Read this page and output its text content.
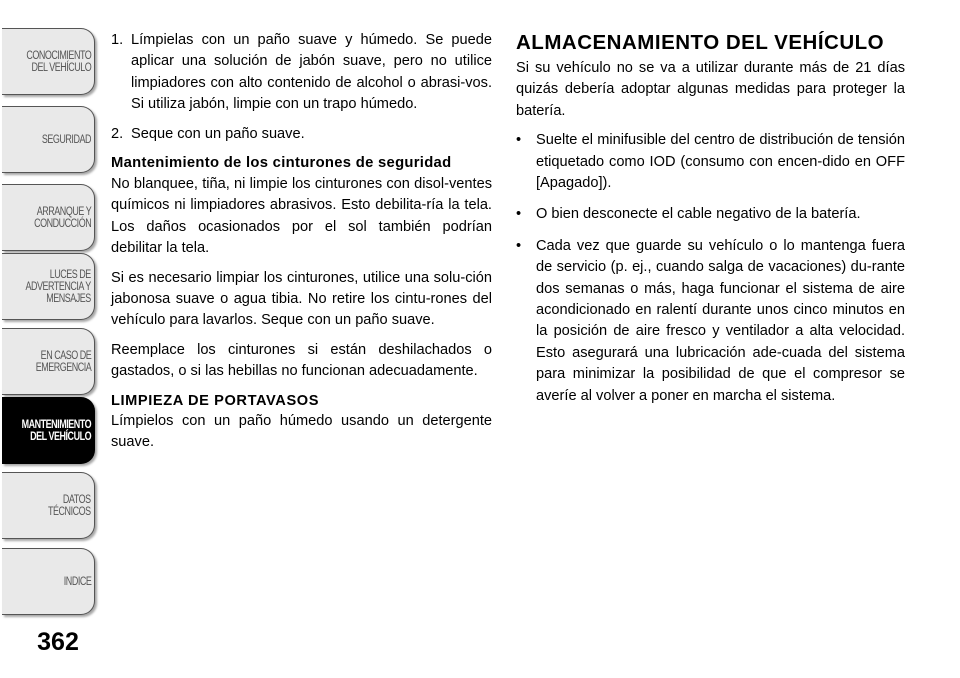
CONOCIMIENTO
DEL VEHÍCULO
SEGURIDAD
ARRANQUE Y
CONDUCCIÓN
LUCES DE
ADVERTENCIA Y
MENSAJES
EN CASO DE
EMERGENCIA
MANTENIMIENTO
DEL VEHÍCULO
DATOS
TÉCNICOS
INDICE
362
1. Límpielas con un paño suave y húmedo. Se puede aplicar una solución de jabón suave, pero no utilice limpiadores con alto contenido de alcohol o abrasi-vos. Si utiliza jabón, limpie con un trapo húmedo.
2. Seque con un paño suave.
Mantenimiento de los cinturones de seguridad

No blanquee, tiña, ni limpie los cinturones con disol-ventes químicos ni limpiadores abrasivos. Esto debilita-ría la tela. Los daños ocasionados por el sol también podrían debilitar la tela.

Si es necesario limpiar los cinturones, utilice una solu-ción jabonosa suave o agua tibia. No retire los cintu-rones del vehículo para lavarlos. Seque con un paño suave.

Reemplace los cinturones si están deshilachados o gastados, o si las hebillas no funcionan adecuadamente.

LIMPIEZA DE PORTAVASOS

Límpielos con un paño húmedo usando un detergente suave.

ALMACENAMIENTO DEL VEHÍCULO

Si su vehículo no se va a utilizar durante más de 21 días quizás debería adoptar algunas medidas para proteger la batería.

•	Suelte el minifusible del centro de distribución de tensión etiquetado como IOD (consumo con encen-dido en OFF [Apagado]).
•	O bien desconecte el cable negativo de la batería.
•	Cada vez que guarde su vehículo o lo mantenga fuera de servicio (p. ej., cuando salga de vacaciones) du-rante dos semanas o más, haga funcionar el sistema de aire acondicionado en ralentí durante unos cinco minutos en la posición de aire fresco y ventilador a alta velocidad. Esto asegurará una lubricación ade-cuada del sistema para minimizar la posibilidad de que el compresor se averíe al volver a poner en marcha el sistema.
